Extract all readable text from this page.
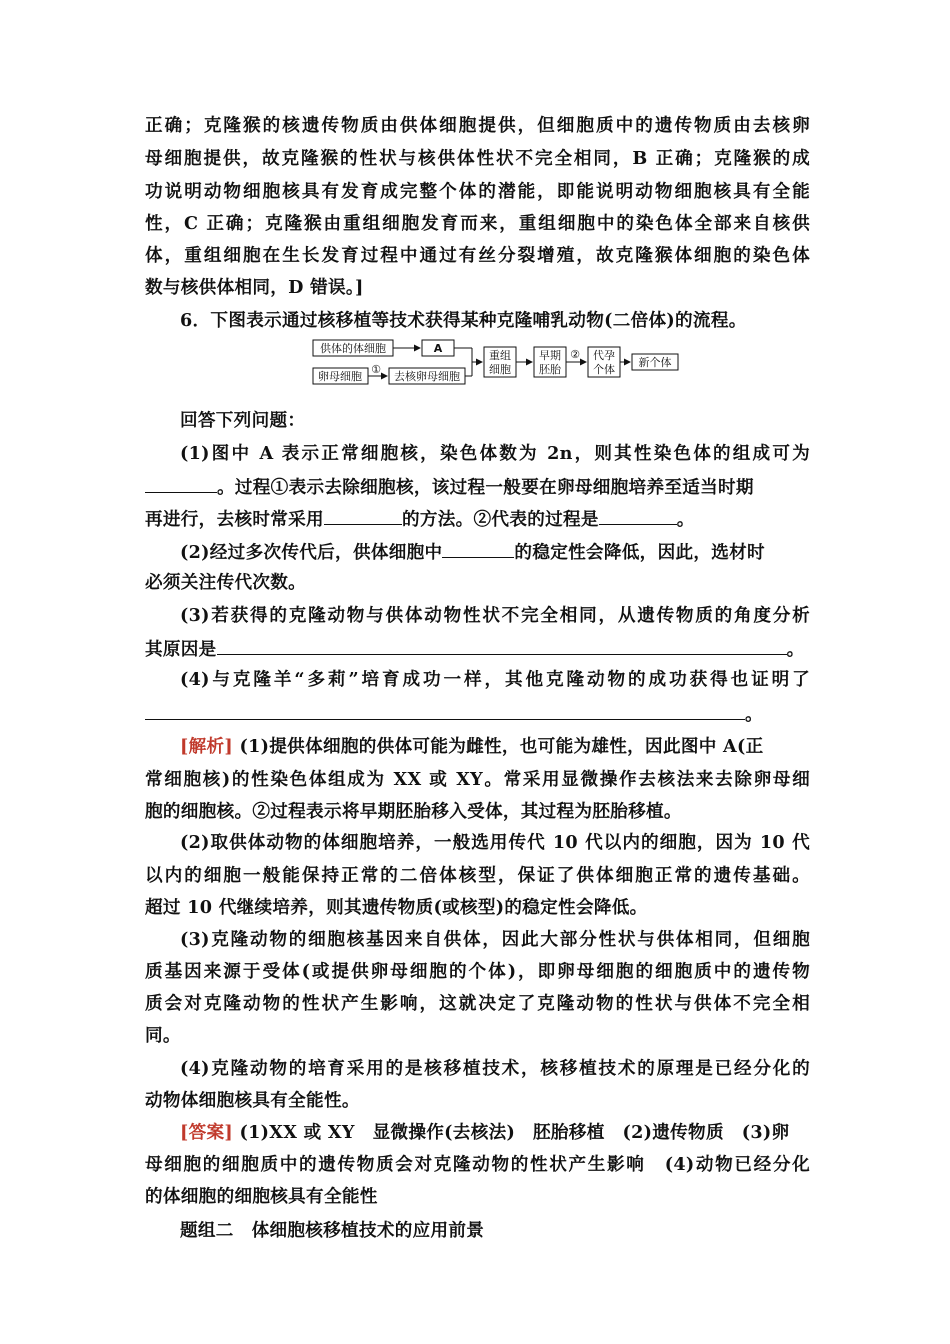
正确；克隆猴的核遗传物质由供体细胞提供，但细胞质中的遗传物质由去核卵
母细胞提供，故克隆猴的性状与核供体性状不完全相同，B 正确；克隆猴的成
功说明动物细胞核具有发育成完整个体的潜能，即能说明动物细胞核具有全能
性，C 正确；克隆猴由重组细胞发育而来，重组细胞中的染色体全部来自核供
体，重组细胞在生长发育过程中通过有丝分裂增殖，故克隆猴体细胞的染色体
数与核供体相同，D 错误。]
6．下图表示通过核移植等技术获得某种克隆哺乳动物(二倍体)的流程。
供体的体细胞	A
卵母细胞
①
去核卵母细胞
重组
细胞
早期
胚胎
② 代孕
个体
新个体
回答下列问题：
(1)图中 A 表示正常细胞核，染色体数为 2n，则其性染色体的组成可为
。过程①表示去除细胞核，该过程一般要在卵母细胞培养至适当时期
再进行，去核时常采用	的方法。②代表的过程是	。
(2)经过多次传代后，供体细胞中	的稳定性会降低，因此，选材时
必须关注传代次数。
(3)若获得的克隆动物与供体动物性状不完全相同，从遗传物质的角度分析
其原因是	。
(4)与克隆羊“多莉”培育成功一样，其他克隆动物的成功获得也证明了
。
[解析] (1)提供体细胞的供体可能为雌性，也可能为雄性，因此图中 A(正
常细胞核)的性染色体组成为 XX 或 XY。常采用显微操作去核法来去除卵母细
胞的细胞核。②过程表示将早期胚胎移入受体，其过程为胚胎移植。
(2)取供体动物的体细胞培养，一般选用传代 10 代以内的细胞，因为 10 代
以内的细胞一般能保持正常的二倍体核型，保证了供体细胞正常的遗传基础。
超过 10 代继续培养，则其遗传物质(或核型)的稳定性会降低。
(3)克隆动物的细胞核基因来自供体，因此大部分性状与供体相同，但细胞
质基因来源于受体(或提供卵母细胞的个体)，即卵母细胞的细胞质中的遗传物
质会对克隆动物的性状产生影响，这就决定了克隆动物的性状与供体不完全相
同。
(4)克隆动物的培育采用的是核移植技术，核移植技术的原理是已经分化的
动物体细胞核具有全能性。
[答案] (1)XX 或 XY　显微操作(去核法)　胚胎移植　(2)遗传物质　(3)卵
母细胞的细胞质中的遗传物质会对克隆动物的性状产生影响　(4)动物已经分化
的体细胞的细胞核具有全能性
题组二　体细胞核移植技术的应用前景
